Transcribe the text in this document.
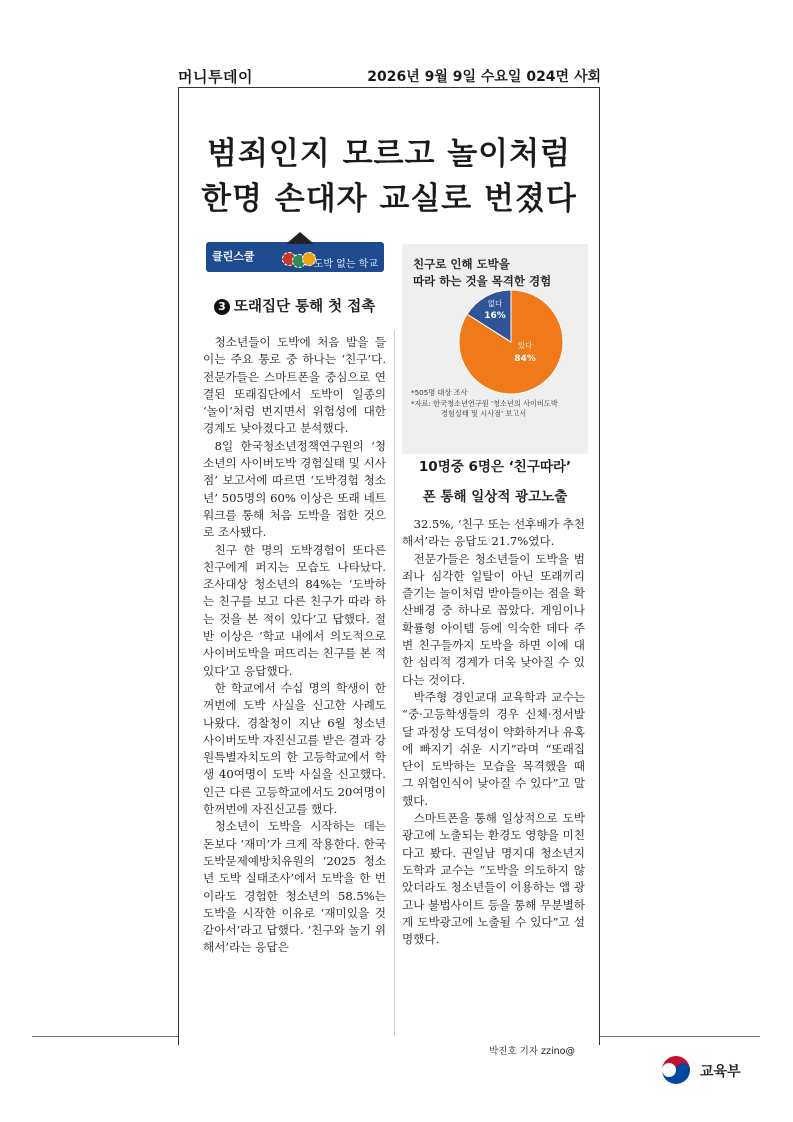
머니투데이	2026년 9월 9일 수요일 024면 사회
범죄인지 모르고 놀이처럼
한명 손대자 교실로 번졌다
클린스쿨
도박 없는 학교
3 또래집단 통해 첫 접촉

청소년들이 도박에 처음 발을 들이는 주요 통로 중 하나는 ‘친구’다. 전문가들은 스마트폰을 중심으로 연결된 또래집단에서 도박이 일종의 ‘놀이’처럼 번지면서 위험성에 대한 경계도 낮아졌다고 분석했다.

8일 한국청소년정책연구원의 ‘청소년의 사이버도박 경험실태 및 시사점’ 보고서에 따르면 ‘도박경험 청소년’ 505명의 60% 이상은 또래 네트워크를 통해 처음 도박을 접한 것으로 조사됐다.

친구 한 명의 도박경험이 또다른 친구에게 퍼지는 모습도 나타났다. 조사대상 청소년의 84%는 ‘도박하는 친구를 보고 다른 친구가 따라 하는 것을 본 적이 있다’고 답했다. 절반 이상은 ‘학교 내에서 의도적으로 사이버도박을 퍼뜨리는 친구를 본 적 있다’고 응답했다.

한 학교에서 수십 명의 학생이 한꺼번에 도박 사실을 신고한 사례도 나왔다. 경찰청이 지난 6월 청소년 사이버도박 자진신고를 받은 결과 강원특별자치도의 한 고등학교에서 학생 40여명이 도박 사실을 신고했다. 인근 다른 고등학교에서도 20여명이 한꺼번에 자진신고를 했다.

청소년이 도박을 시작하는 데는 돈보다 ‘재미’가 크게 작용한다. 한국도박문제예방치유원의 ‘2025 청소년 도박 실태조사’에서 도박을 한 번이라도 경험한 청소년의 58.5%는 도박을 시작한 이유로 ‘재미있을 것 같아서’라고 답했다. ‘친구와 놀기 위해서’라는 응답은

친구로 인해 도박을
따라 하는 것을 목격한 경험
없다
16%
있다
84%
*505명 대상 조사
*자료: 한국청소년연구원 '청소년의 사이버도박
경험실태 및 시사점' 보고서
10명중 6명은 ‘친구따라’
폰 통해 일상적 광고노출

32.5%, ‘친구 또는 선후배가 추천해서’라는 응답도 21.7%였다.

전문가들은 청소년들이 도박을 범죄나 심각한 일탈이 아닌 또래끼리 즐기는 놀이처럼 받아들이는 점을 확산배경 중 하나로 꼽았다. 게임이나 확률형 아이템 등에 익숙한 데다 주변 친구들까지 도박을 하면 이에 대한 심리적 경계가 더욱 낮아질 수 있다는 것이다.

박주형 경인교대 교육학과 교수는 “중·고등학생들의 경우 신체·정서발달 과정상 도덕성이 약화하거나 유혹에 빠지기 쉬운 시기”라며 “또래집단이 도박하는 모습을 목격했을 때 그 위험인식이 낮아질 수 있다”고 말했다.

스마트폰을 통해 일상적으로 도박광고에 노출되는 환경도 영향을 미친다고 봤다. 권일남 명지대 청소년지도학과 교수는 “도박을 의도하지 않았더라도 청소년들이 이용하는 앱 광고나 불법사이트 등을 통해 무분별하게 도박광고에 노출될 수 있다”고 설명했다.

박진호 기자 zzino@
교육부
